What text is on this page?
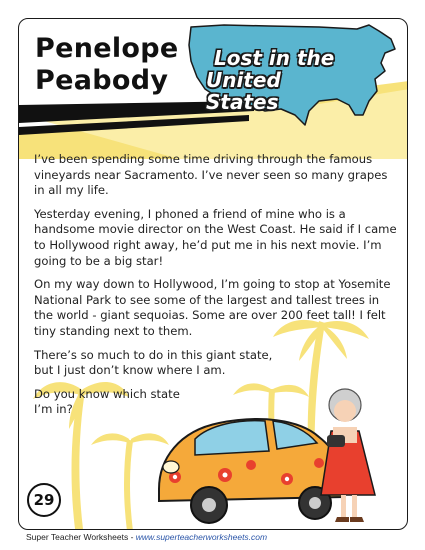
Penelope
Peabody
Lost in the
United States

I’ve been spending some time driving through the famous vineyards near Sacramento. I’ve never seen so many grapes in all my life.

Yesterday evening, I phoned a friend of mine who is a handsome movie director on the West Coast. He said if I came to Hollywood right away, he’d put me in his next movie. I’m going to be a big star!

On my way down to Hollywood, I’m going to stop at Yosemite National Park to see some of the largest and tallest trees in the world - giant sequoias. Some are over 200 feet tall! I felt tiny standing next to them.

There’s so much to do in this giant state, but I just don’t know where I am.

Do you know which state I’m in?

29
Super Teacher Worksheets - www.superteacherworksheets.com
